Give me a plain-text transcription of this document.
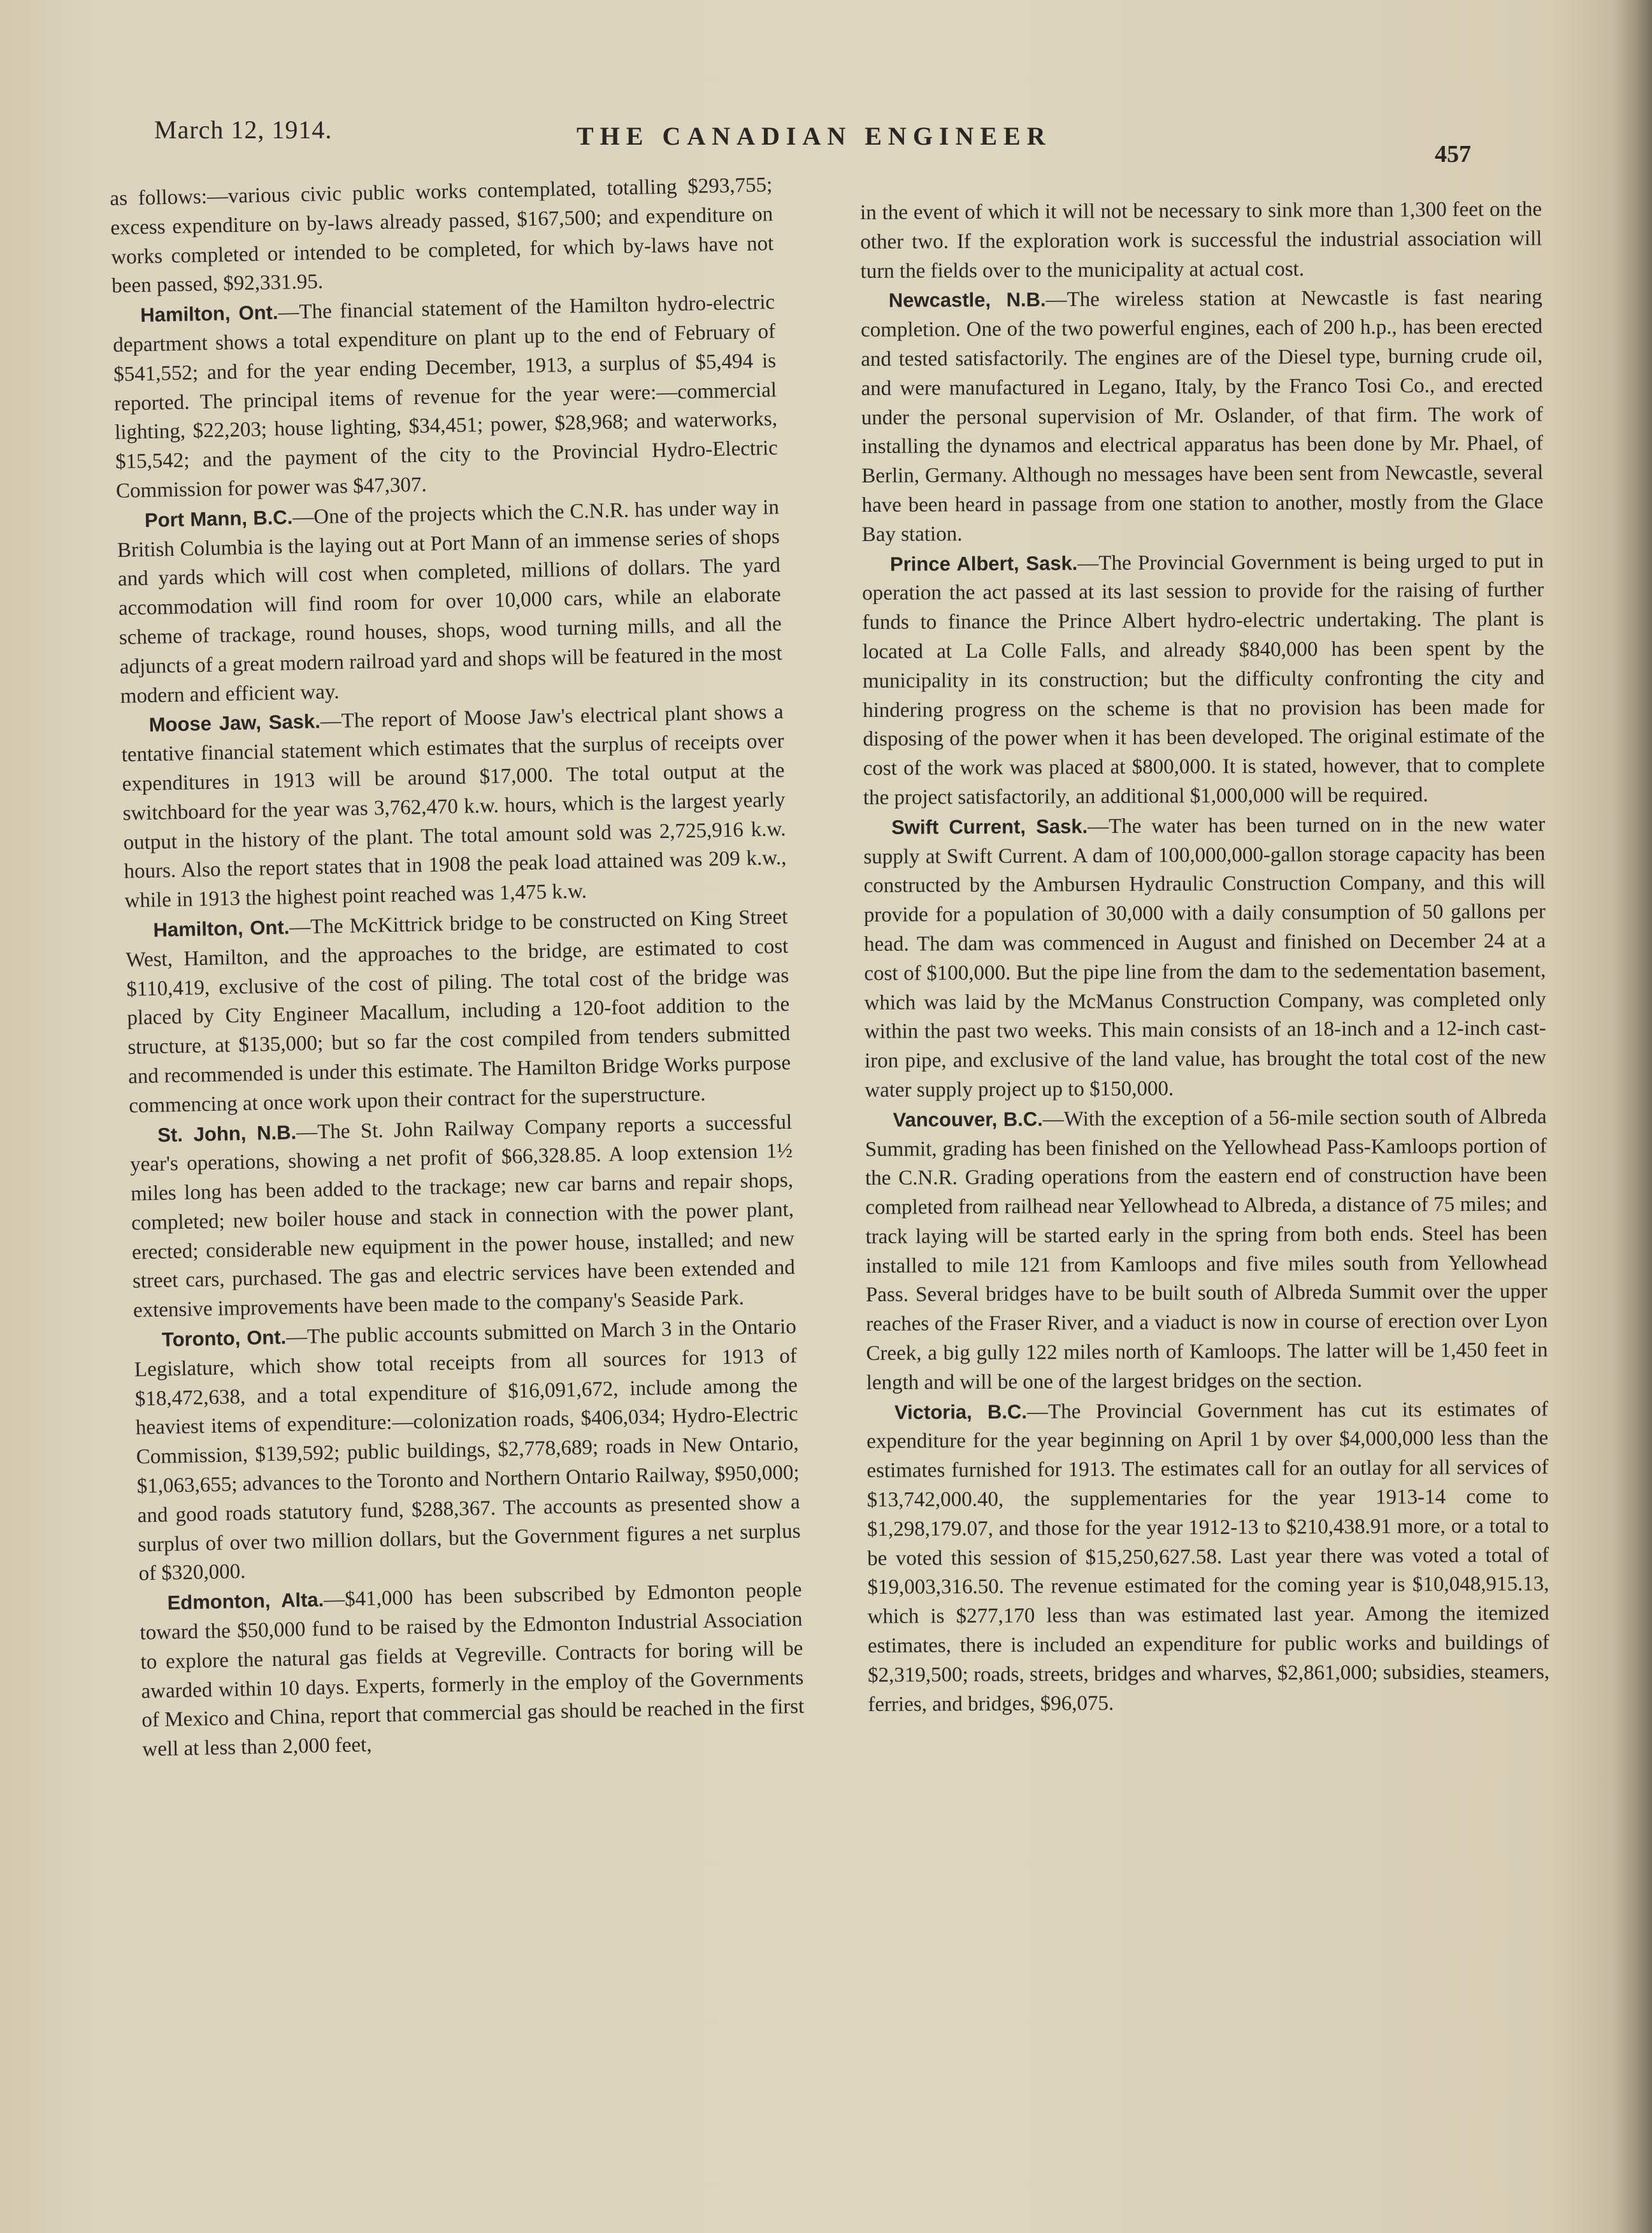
March 12, 1914.	THE CANADIAN ENGINEER
457

as follows:—various civic public works contemplated, totalling $293,755; excess expenditure on by-laws already passed, $167,500; and expenditure on works completed or intended to be completed, for which by-laws have not been passed, $92,331.95.

Hamilton, Ont.—The financial statement of the Hamilton hydro-electric department shows a total expenditure on plant up to the end of February of $541,552; and for the year ending December, 1913, a surplus of $5,494 is reported. The principal items of revenue for the year were:—commercial lighting, $22,203; house lighting, $34,451; power, $28,968; and waterworks, $15,542; and the payment of the city to the Provincial Hydro-Electric Commission for power was $47,307.

Port Mann, B.C.—One of the projects which the C.N.R. has under way in British Columbia is the laying out at Port Mann of an immense series of shops and yards which will cost when completed, millions of dollars. The yard accommodation will find room for over 10,000 cars, while an elaborate scheme of trackage, round houses, shops, wood turning mills, and all the adjuncts of a great modern railroad yard and shops will be featured in the most modern and efficient way.

Moose Jaw, Sask.—The report of Moose Jaw's electrical plant shows a tentative financial statement which estimates that the surplus of receipts over expenditures in 1913 will be around $17,000. The total output at the switchboard for the year was 3,762,470 k.w. hours, which is the largest yearly output in the history of the plant. The total amount sold was 2,725,916 k.w. hours. Also the report states that in 1908 the peak load attained was 209 k.w., while in 1913 the highest point reached was 1,475 k.w.

Hamilton, Ont.—The McKittrick bridge to be constructed on King Street West, Hamilton, and the approaches to the bridge, are estimated to cost $110,419, exclusive of the cost of piling. The total cost of the bridge was placed by City Engineer Macallum, including a 120-foot addition to the structure, at $135,000; but so far the cost compiled from tenders submitted and recommended is under this estimate. The Hamilton Bridge Works purpose commencing at once work upon their contract for the superstructure.

St. John, N.B.—The St. John Railway Company reports a successful year's operations, showing a net profit of $66,328.85. A loop extension 1½ miles long has been added to the trackage; new car barns and repair shops, completed; new boiler house and stack in connection with the power plant, erected; considerable new equipment in the power house, installed; and new street cars, purchased. The gas and electric services have been extended and extensive improvements have been made to the company's Seaside Park.

Toronto, Ont.—The public accounts submitted on March 3 in the Ontario Legislature, which show total receipts from all sources for 1913 of $18,472,638, and a total expenditure of $16,091,672, include among the heaviest items of expenditure:—colonization roads, $406,034; Hydro-Electric Commission, $139,592; public buildings, $2,778,689; roads in New Ontario, $1,063,655; advances to the Toronto and Northern Ontario Railway, $950,000; and good roads statutory fund, $288,367. The accounts as presented show a surplus of over two million dollars, but the Government figures a net surplus of $320,000.

Edmonton, Alta.—$41,000 has been subscribed by Edmonton people toward the $50,000 fund to be raised by the Edmonton Industrial Association to explore the natural gas fields at Vegreville. Contracts for boring will be awarded within 10 days. Experts, formerly in the employ of the Governments of Mexico and China, report that commercial gas should be reached in the first well at less than 2,000 feet,

in the event of which it will not be necessary to sink more than 1,300 feet on the other two. If the exploration work is successful the industrial association will turn the fields over to the municipality at actual cost.

Newcastle, N.B.—The wireless station at Newcastle is fast nearing completion. One of the two powerful engines, each of 200 h.p., has been erected and tested satisfactorily. The engines are of the Diesel type, burning crude oil, and were manufactured in Legano, Italy, by the Franco Tosi Co., and erected under the personal supervision of Mr. Oslander, of that firm. The work of installing the dynamos and electrical apparatus has been done by Mr. Phael, of Berlin, Germany. Although no messages have been sent from Newcastle, several have been heard in passage from one station to another, mostly from the Glace Bay station.

Prince Albert, Sask.—The Provincial Government is being urged to put in operation the act passed at its last session to provide for the raising of further funds to finance the Prince Albert hydro-electric undertaking. The plant is located at La Colle Falls, and already $840,000 has been spent by the municipality in its construction; but the difficulty confronting the city and hindering progress on the scheme is that no provision has been made for disposing of the power when it has been developed. The original estimate of the cost of the work was placed at $800,000. It is stated, however, that to complete the project satisfactorily, an additional $1,000,000 will be required.

Swift Current, Sask.—The water has been turned on in the new water supply at Swift Current. A dam of 100,000,000-gallon storage capacity has been constructed by the Ambursen Hydraulic Construction Company, and this will provide for a population of 30,000 with a daily consumption of 50 gallons per head. The dam was commenced in August and finished on December 24 at a cost of $100,000. But the pipe line from the dam to the sedementation basement, which was laid by the McManus Construction Company, was completed only within the past two weeks. This main consists of an 18-inch and a 12-inch cast-iron pipe, and exclusive of the land value, has brought the total cost of the new water supply project up to $150,000.

Vancouver, B.C.—With the exception of a 56-mile section south of Albreda Summit, grading has been finished on the Yellowhead Pass-Kamloops portion of the C.N.R. Grading operations from the eastern end of construction have been completed from railhead near Yellowhead to Albreda, a distance of 75 miles; and track laying will be started early in the spring from both ends. Steel has been installed to mile 121 from Kamloops and five miles south from Yellowhead Pass. Several bridges have to be built south of Albreda Summit over the upper reaches of the Fraser River, and a viaduct is now in course of erection over Lyon Creek, a big gully 122 miles north of Kamloops. The latter will be 1,450 feet in length and will be one of the largest bridges on the section.

Victoria, B.C.—The Provincial Government has cut its estimates of expenditure for the year beginning on April 1 by over $4,000,000 less than the estimates furnished for 1913. The estimates call for an outlay for all services of $13,742,000.40, the supplementaries for the year 1913-14 come to $1,298,179.07, and those for the year 1912-13 to $210,438.91 more, or a total to be voted this session of $15,250,627.58. Last year there was voted a total of $19,003,316.50. The revenue estimated for the coming year is $10,048,915.13, which is $277,170 less than was estimated last year. Among the itemized estimates, there is included an expenditure for public works and buildings of $2,319,500; roads, streets, bridges and wharves, $2,861,000; subsidies, steamers, ferries, and bridges, $96,075.
